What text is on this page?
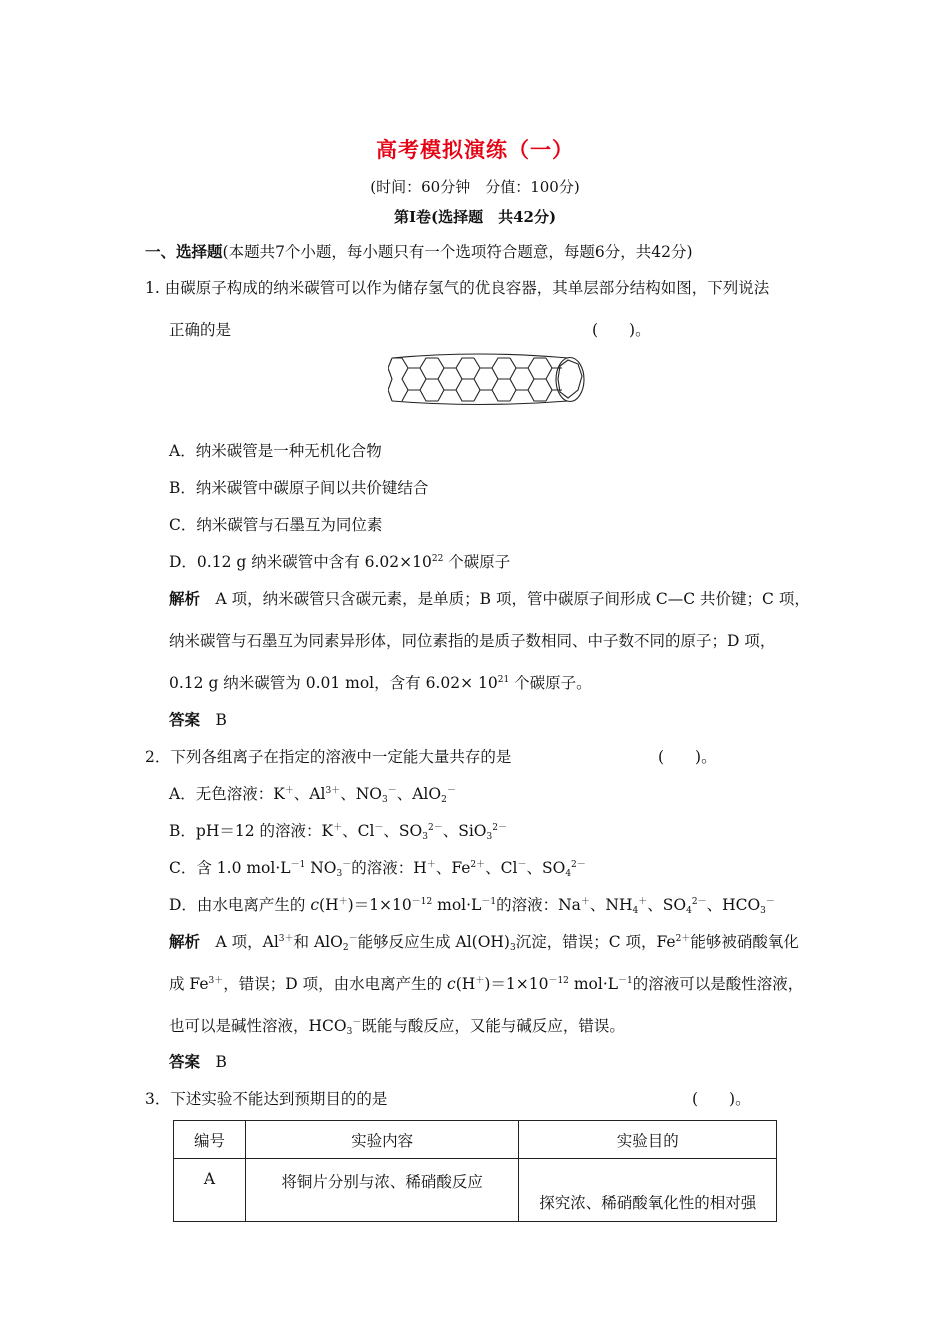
高考模拟演练（一）
(时间：60分钟　分值：100分)
第Ⅰ卷(选择题　共42分)
一、选择题(本题共7个小题，每小题只有一个选项符合题意，每题6分，共42分)
1. 由碳原子构成的纳米碳管可以作为储存氢气的优良容器，其单层部分结构如图，下列说法
正确的是	(　　)。
A．纳米碳管是一种无机化合物
B．纳米碳管中碳原子间以共价键结合
C．纳米碳管与石墨互为同位素
D．0.12 g 纳米碳管中含有 $6.02\times 10^{22}$ 个碳原子
解析　 A 项，纳米碳管只含碳元素，是单质；B 项，管中碳原子间形成 C—C 共价键；C 项，
纳米碳管与石墨互为同素异形体，同位素指的是质子数相同、中子数不同的原子；D 项，
0.12 g 纳米碳管为 0.01 mol，含有 $6.02\times 10^{21}$ 个碳原子。
答案　 B
2．下列各组离子在指定的溶液中一定能大量共存的是	(　　)。
A．无色溶液：K＋、$Al^{3+}$、$NO_3^-$、AlO$_2$－
B．pH＝12 的溶液：K＋、Cl－、$SO_3^{2-}$、SiO$_3^{2-}$
C．含 1.0 $mol\cdot L^{-1}$ $NO_3^-$的溶液：H＋、$Fe^{2+}$、Cl－、$SO_4^{2-}$
D．由水电离产生的 $c(H^+)=1\times 10^{-12}$ $mol\cdot L^{-1}$的溶液：Na＋、$NH_4^+$、$SO_4^{2-}$、$HCO_3^-$
解析　A 项，$Al^{3+}$和 AlO$_2$－能够反应生成 $Al(OH)_3$沉淀，错误；C 项，$Fe^{2+}$能够被硝酸氧化
成 $Fe^{3+}$，错误；D 项，由水电离产生的 $c(H^+)=1\times 10^{-12}$ $mol\cdot L^{-1}$的溶液可以是酸性溶液，
也可以是碱性溶液，$HCO_3^-$既能与酸反应，又能与碱反应，错误。
答案　 B
3．下述实验不能达到预期目的的是	(　　)。
编号	实验内容	实验目的
A	将铜片分别与浓、稀硝酸反应	探究浓、稀硝酸氧化性的相对强
